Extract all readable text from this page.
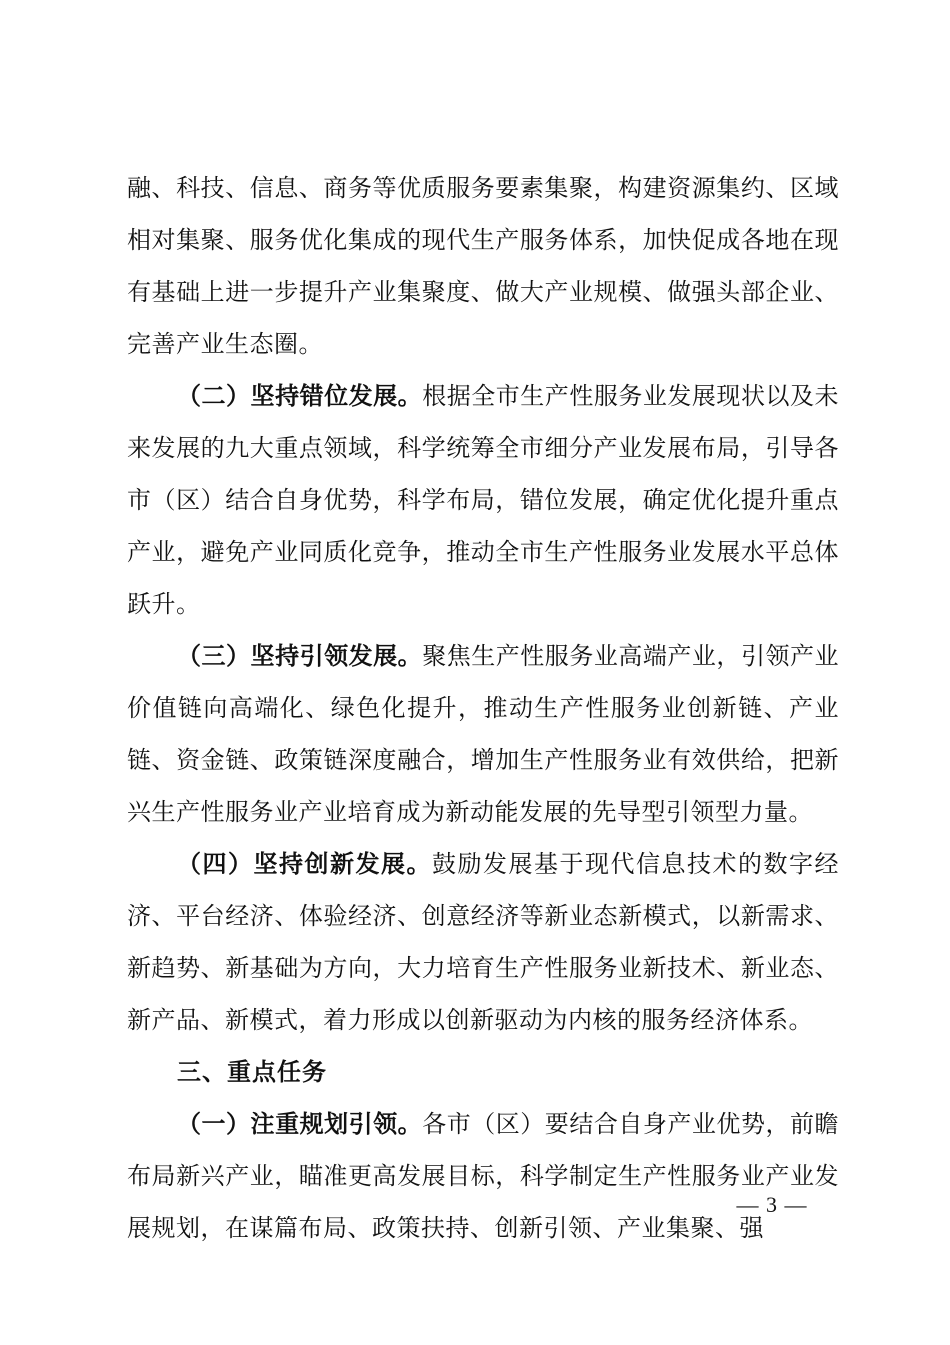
融、科技、信息、商务等优质服务要素集聚，构建资源集约、区域相对集聚、服务优化集成的现代生产服务体系，加快促成各地在现有基础上进一步提升产业集聚度、做大产业规模、做强头部企业、完善产业生态圈。

（二）坚持错位发展。根据全市生产性服务业发展现状以及未来发展的九大重点领域，科学统筹全市细分产业发展布局，引导各市（区）结合自身优势，科学布局，错位发展，确定优化提升重点产业，避免产业同质化竞争，推动全市生产性服务业发展水平总体跃升。

（三）坚持引领发展。聚焦生产性服务业高端产业，引领产业价值链向高端化、绿色化提升，推动生产性服务业创新链、产业链、资金链、政策链深度融合，增加生产性服务业有效供给，把新兴生产性服务业产业培育成为新动能发展的先导型引领型力量。

（四）坚持创新发展。鼓励发展基于现代信息技术的数字经济、平台经济、体验经济、创意经济等新业态新模式，以新需求、新趋势、新基础为方向，大力培育生产性服务业新技术、新业态、新产品、新模式，着力形成以创新驱动为内核的服务经济体系。

三、重点任务

（一）注重规划引领。各市（区）要结合自身产业优势，前瞻布局新兴产业，瞄准更高发展目标，科学制定生产性服务业产业发展规划，在谋篇布局、政策扶持、创新引领、产业集聚、强

— 3 —
